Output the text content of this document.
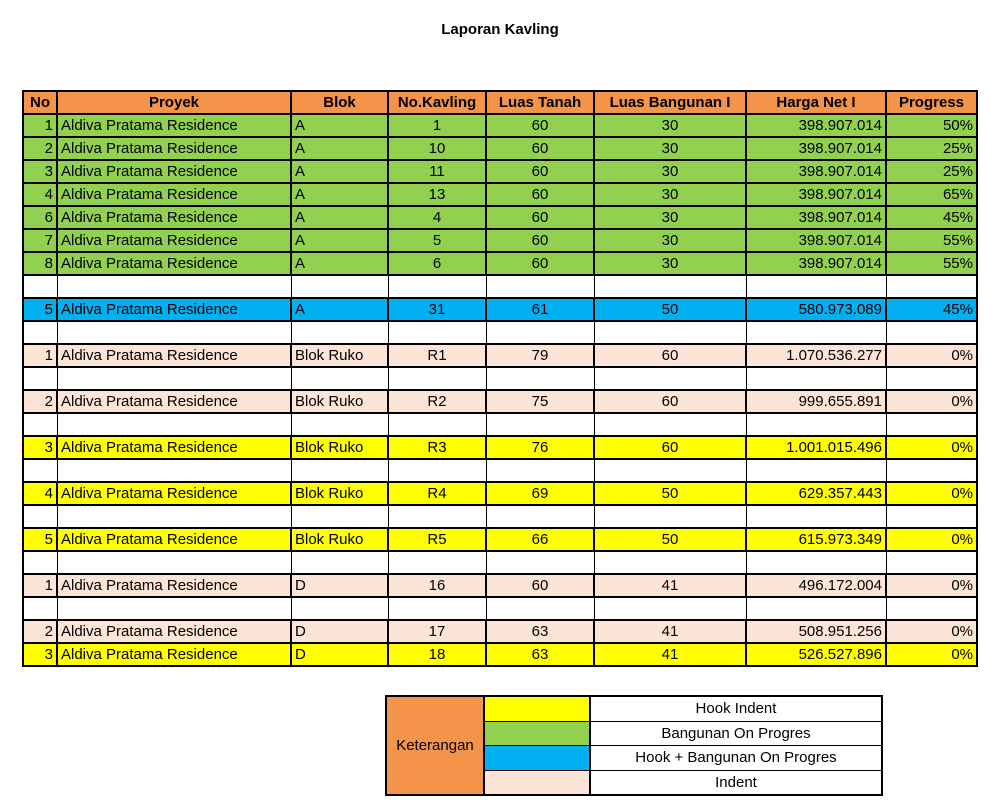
Laporan Kavling
No	Proyek	Blok	No.Kavling	Luas Tanah	Luas Bangunan I	Harga Net I	Progress
1	Aldiva Pratama Residence	A	1	60	30	398.907.014	50%
2	Aldiva Pratama Residence	A	10	60	30	398.907.014	25%
3	Aldiva Pratama Residence	A	11	60	30	398.907.014	25%
4	Aldiva Pratama Residence	A	13	60	30	398.907.014	65%
6	Aldiva Pratama Residence	A	4	60	30	398.907.014	45%
7	Aldiva Pratama Residence	A	5	60	30	398.907.014	55%
8	Aldiva Pratama Residence	A	6	60	30	398.907.014	55%

5	Aldiva Pratama Residence	A	31	61	50	580.973.089	45%

1	Aldiva Pratama Residence	Blok Ruko	R1	79	60	1.070.536.277	0%

2	Aldiva Pratama Residence	Blok Ruko	R2	75	60	999.655.891	0%

3	Aldiva Pratama Residence	Blok Ruko	R3	76	60	1.001.015.496	0%

4	Aldiva Pratama Residence	Blok Ruko	R4	69	50	629.357.443	0%

5	Aldiva Pratama Residence	Blok Ruko	R5	66	50	615.973.349	0%

1	Aldiva Pratama Residence	D	16	60	41	496.172.004	0%

2	Aldiva Pratama Residence	D	17	63	41	508.951.256	0%
3	Aldiva Pratama Residence	D	18	63	41	526.527.896	0%
Keterangan
Hook Indent
Bangunan On Progres
Hook + Bangunan On Progres
Indent
